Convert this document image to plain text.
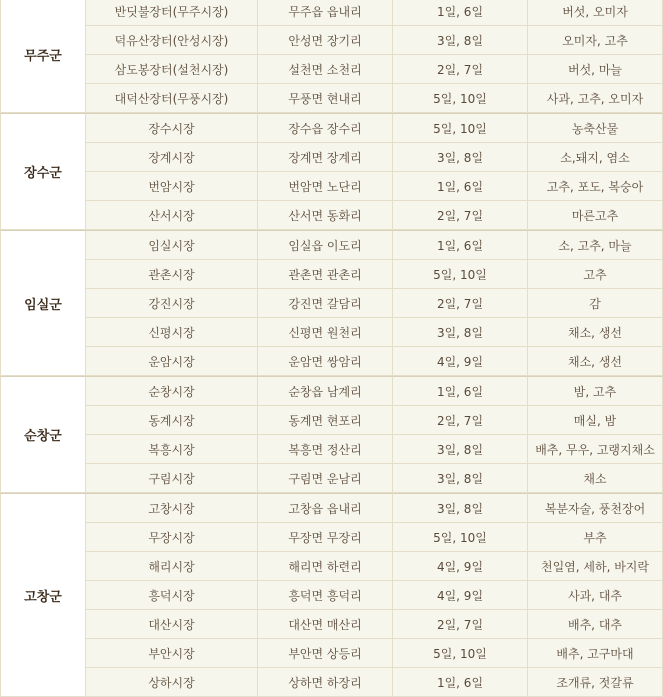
무주군	반딧불장터(무주시장)	무주읍 읍내리	1일, 6일	버섯, 오미자
	덕유산장터(안성시장)	안성면 장기리	3일, 8일	오미자, 고추
	삼도봉장터(설천시장)	설천면 소천리	2일, 7일	버섯, 마늘
	대덕산장터(무풍시장)	무풍면 현내리	5일, 10일	사과, 고추, 오미자
장수군	장수시장	장수읍 장수리	5일, 10일	농축산물
	장계시장	장계면 장계리	3일, 8일	소,돼지, 염소
	번암시장	번암면 노단리	1일, 6일	고추, 포도, 복숭아
	산서시장	산서면 동화리	2일, 7일	마른고추
임실군	임실시장	임실읍 이도리	1일, 6일	소, 고추, 마늘
	관촌시장	관촌면 관촌리	5일, 10일	고추
	강진시장	강진면 갈담리	2일, 7일	감
	신평시장	신평면 원천리	3일, 8일	채소, 생선
	운암시장	운암면 쌍암리	4일, 9일	채소, 생선
순창군	순창시장	순창읍 남계리	1일, 6일	밤, 고추
	동계시장	동계면 현포리	2일, 7일	매실, 밤
	복흥시장	복흥면 정산리	3일, 8일	배추, 무우, 고랭지채소
	구림시장	구림면 운남리	3일, 8일	채소
고창군	고창시장	고창읍 읍내리	3일, 8일	복분자술, 풍천장어
	무장시장	무장면 무장리	5일, 10일	부추
	해리시장	해리면 하련리	4일, 9일	천일염, 세하, 바지락
	흥덕시장	흥덕면 흥덕리	4일, 9일	사과, 대추
	대산시장	대산면 매산리	2일, 7일	배추, 대추
	부안시장	부안면 상등리	5일, 10일	배추, 고구마대
	상하시장	상하면 하장리	1일, 6일	조개류, 젓갈류
